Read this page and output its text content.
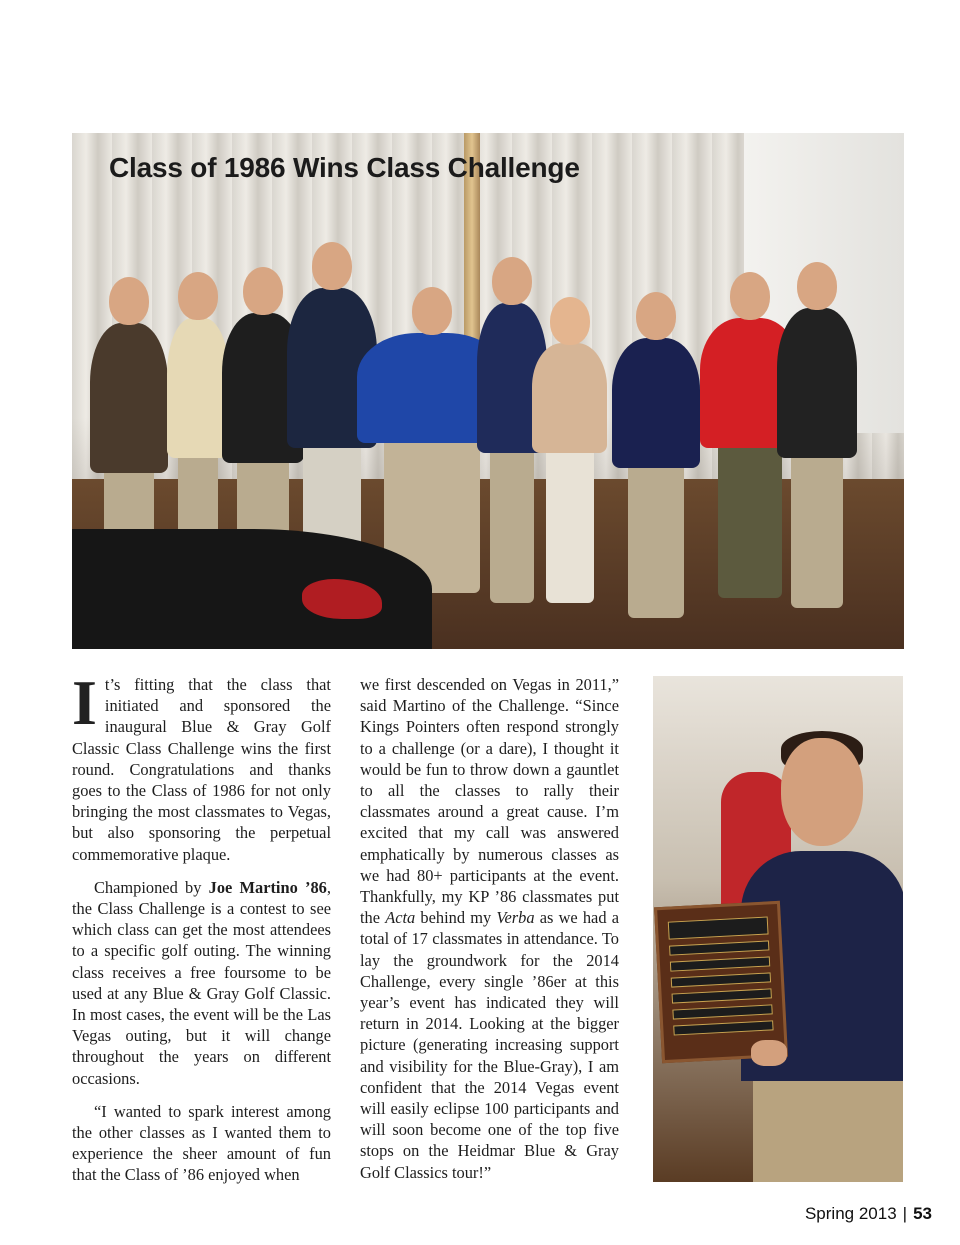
Class of 1986 Wins Class Challenge

It’s fitting that the class that initiated and sponsored the inaugural Blue & Gray Golf Classic Class Challenge wins the first round. Congratulations and thanks goes to the Class of 1986 for not only bringing the most classmates to Vegas, but also sponsoring the perpetual commemorative plaque.

Championed by Joe Martino ’86, the Class Challenge is a contest to see which class can get the most attendees to a specific golf outing. The winning class receives a free foursome to be used at any Blue & Gray Golf Classic. In most cases, the event will be the Las Vegas outing, but it will change throughout the years on different occasions.

“I wanted to spark interest among the other classes as I wanted them to experience the sheer amount of fun that the Class of ’86 enjoyed when

we first descended on Vegas in 2011,” said Martino of the Challenge. “Since Kings Pointers often respond strongly to a challenge (or a dare), I thought it would be fun to throw down a gauntlet to all the classes to rally their classmates around a great cause. I’m excited that my call was answered emphatically by numerous classes as we had 80+ participants at the event. Thankfully, my KP ’86 classmates put the Acta behind my Verba as we had a total of 17 classmates in attendance. To lay the groundwork for the 2014 Challenge, every single ’86er at this year’s event has indicated they will return in 2014. Looking at the bigger picture (generating increasing support and visibility for the Blue-Gray), I am confident that the 2014 Vegas event will easily eclipse 100 participants and will soon become one of the top five stops on the Heidmar Blue & Gray Golf Classics tour!”

Spring 2013 | 53
